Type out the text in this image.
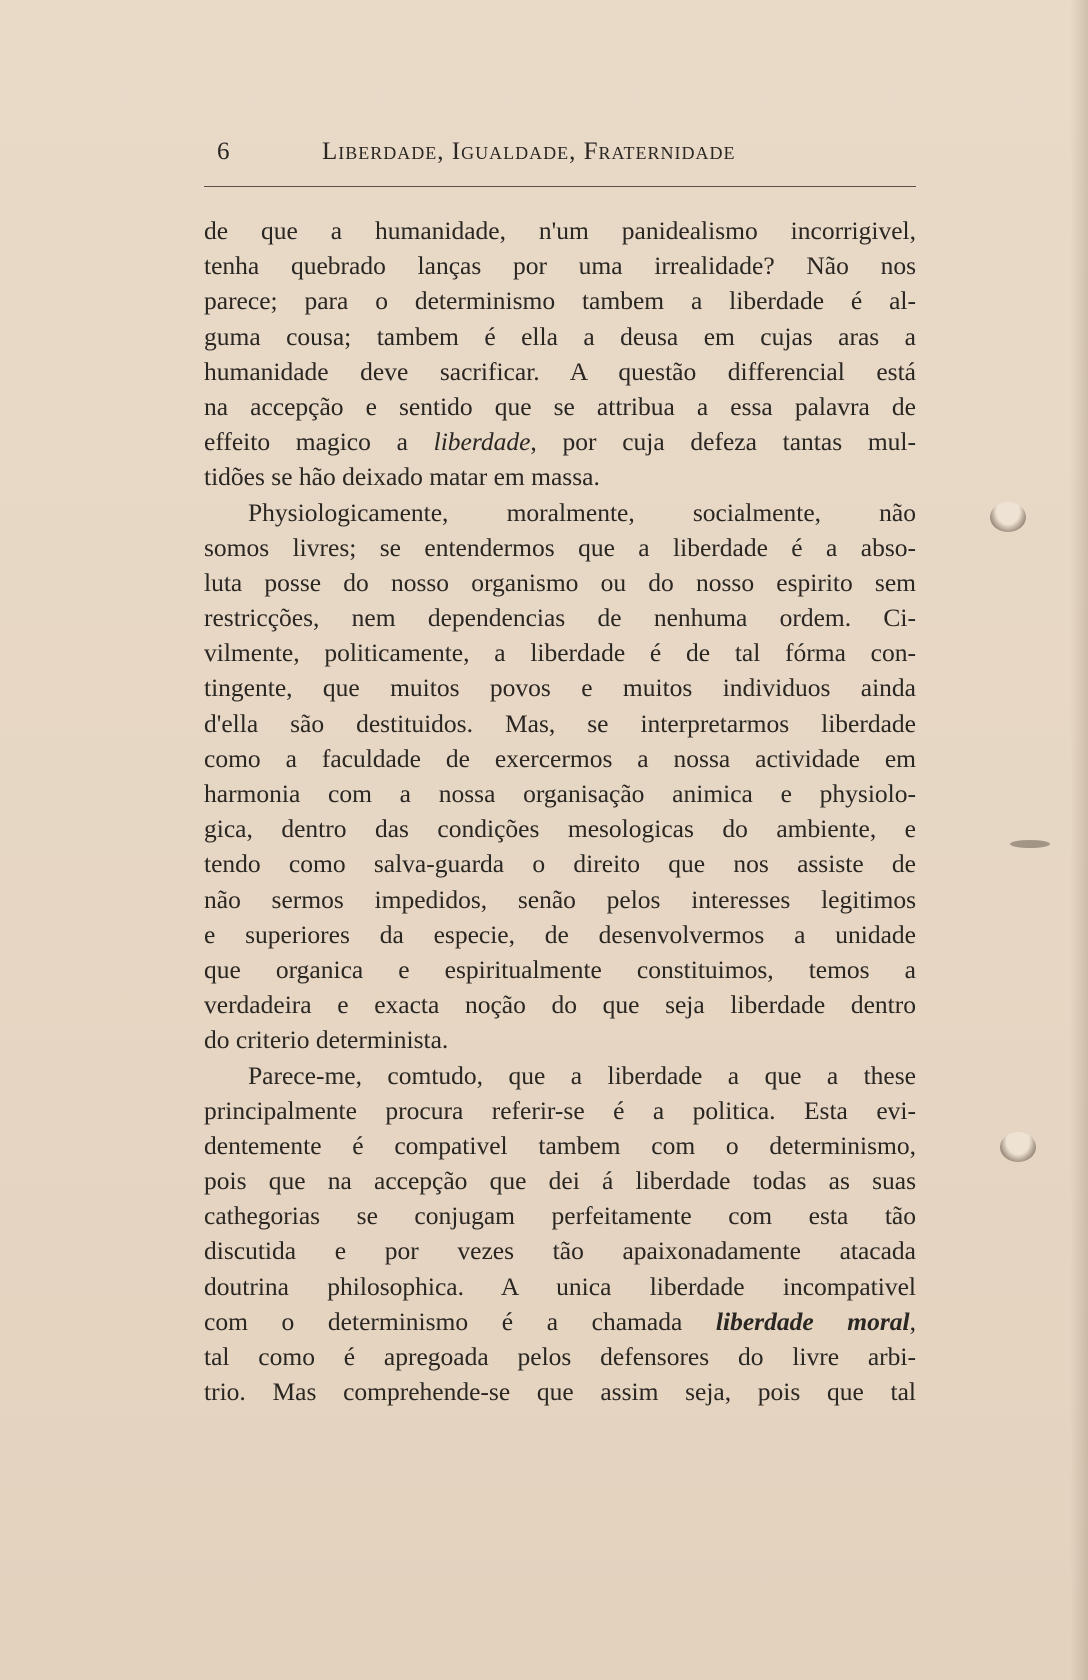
6	Liberdade, Igualdade, Fraternidade
de que a humanidade, n'um panidealismo incorrigivel,
tenha quebrado lanças por uma irrealidade? Não nos
parece; para o determinismo tambem a liberdade é al-
guma cousa; tambem é ella a deusa em cujas aras a
humanidade deve sacrificar. A questão differencial está
na accepção e sentido que se attribua a essa palavra de
effeito magico a liberdade, por cuja defeza tantas mul-
tidões se hão deixado matar em massa.
Physiologicamente, moralmente, socialmente, não
somos livres; se entendermos que a liberdade é a abso-
luta posse do nosso organismo ou do nosso espirito sem
restricções, nem dependencias de nenhuma ordem. Ci-
vilmente, politicamente, a liberdade é de tal fórma con-
tingente, que muitos povos e muitos individuos ainda
d'ella são destituidos. Mas, se interpretarmos liberdade
como a faculdade de exercermos a nossa actividade em
harmonia com a nossa organisação animica e physiolo-
gica, dentro das condições mesologicas do ambiente, e
tendo como salva-guarda o direito que nos assiste de
não sermos impedidos, senão pelos interesses legitimos
e superiores da especie, de desenvolvermos a unidade
que organica e espiritualmente constituimos, temos a
verdadeira e exacta noção do que seja liberdade dentro
do criterio determinista.
Parece-me, comtudo, que a liberdade a que a these
principalmente procura referir-se é a politica. Esta evi-
dentemente é compativel tambem com o determinismo,
pois que na accepção que dei á liberdade todas as suas
cathegorias se conjugam perfeitamente com esta tão
discutida e por vezes tão apaixonadamente atacada
doutrina philosophica. A unica liberdade incompativel
com o determinismo é a chamada liberdade moral,
tal como é apregoada pelos defensores do livre arbi-
trio. Mas comprehende-se que assim seja, pois que tal
